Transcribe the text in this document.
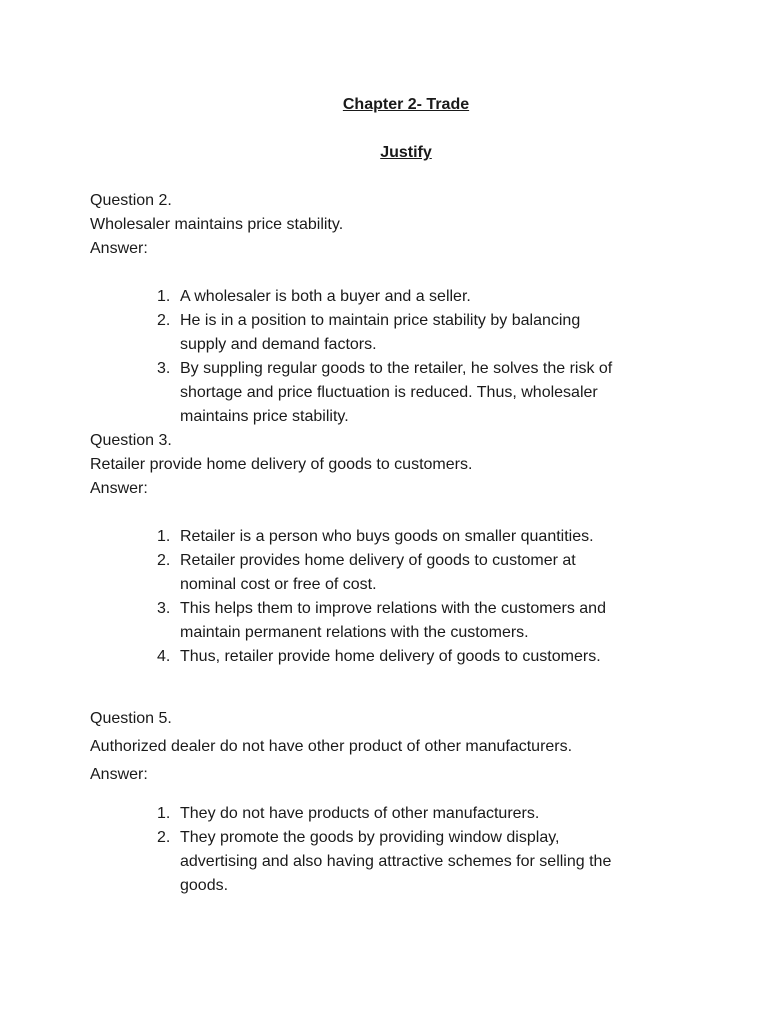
Chapter 2- Trade
Justify
Question 2.
Wholesaler maintains price stability.
Answer:
1. A wholesaler is both a buyer and a seller.
2. He is in a position to maintain price stability by balancing
supply and demand factors.
3. By suppling regular goods to the retailer, he solves the risk of
shortage and price fluctuation is reduced. Thus, wholesaler
maintains price stability.
Question 3.
Retailer provide home delivery of goods to customers.
Answer:
1. Retailer is a person who buys goods on smaller quantities.
2. Retailer provides home delivery of goods to customer at
nominal cost or free of cost.
3. This helps them to improve relations with the customers and
maintain permanent relations with the customers.
4. Thus, retailer provide home delivery of goods to customers.
Question 5.
Authorized dealer do not have other product of other manufacturers.
Answer:
1. They do not have products of other manufacturers.
2. They promote the goods by providing window display,
advertising and also having attractive schemes for selling the
goods.
